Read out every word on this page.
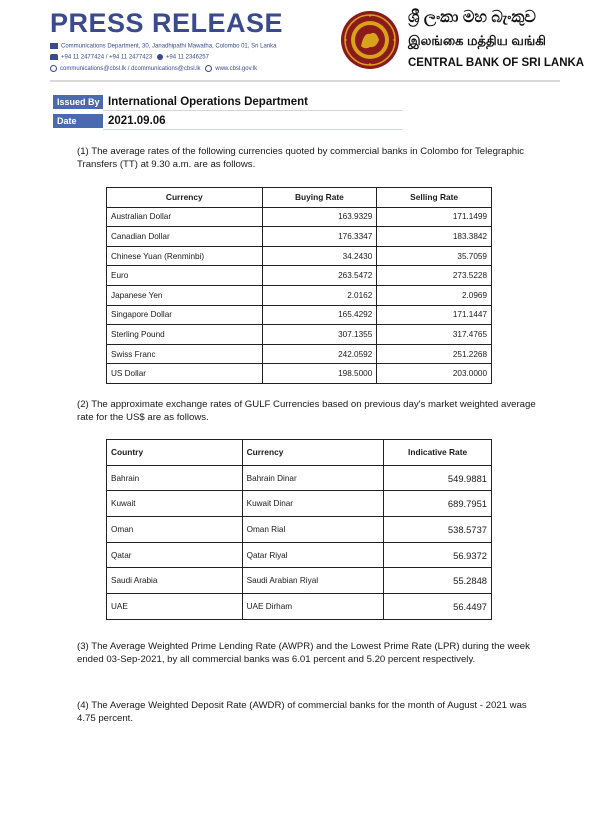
PRESS RELEASE
Communications Department, 30, Janadhipathi Mawatha, Colombo 01, Sri Lanka
+94 11 2477424 / +94 11 2477423 +94 11 2346257
communications@cbsl.lk / dcommunications@cbsl.lk www.cbsl.gov.lk
ශ්‍රී ලංකා මහ බැංකුව
இலங்கை மத்திய வங்கி
CENTRAL BANK OF SRI LANKA
Issued By International Operations Department
Date	2021.09.06
(1) The average rates of the following currencies quoted by commercial banks in Colombo for Telegraphic Transfers (TT) at 9.30 a.m. are as follows.
Currency	Buying Rate	Selling Rate
Australian Dollar	163.9329	171.1499
Canadian Dollar	176.3347	183.3842
Chinese Yuan (Renminbi)	34.2430	35.7059
Euro	263.5472	273.5228
Japanese Yen	2.0162	2.0969
Singapore Dollar	165.4292	171.1447
Sterling Pound	307.1355	317.4765
Swiss Franc	242.0592	251.2268
US Dollar	198.5000	203.0000
(2) The approximate exchange rates of GULF Currencies based on previous day's market weighted average rate for the US$ are as follows.
Country	Currency	Indicative Rate
Bahrain	Bahrain Dinar	549.9881
Kuwait	Kuwait Dinar	689.7951
Oman	Oman Rial	538.5737
Qatar	Qatar Riyal	56.9372
Saudi Arabia	Saudi Arabian Riyal	55.2848
UAE	UAE Dirham	56.4497
(3) The Average Weighted Prime Lending Rate (AWPR) and the Lowest Prime Rate (LPR) during the week ended 03-Sep-2021, by all commercial banks was 6.01 percent and 5.20 percent respectively.
(4) The Average Weighted Deposit Rate (AWDR) of commercial banks for the month of August - 2021 was 4.75 percent.
